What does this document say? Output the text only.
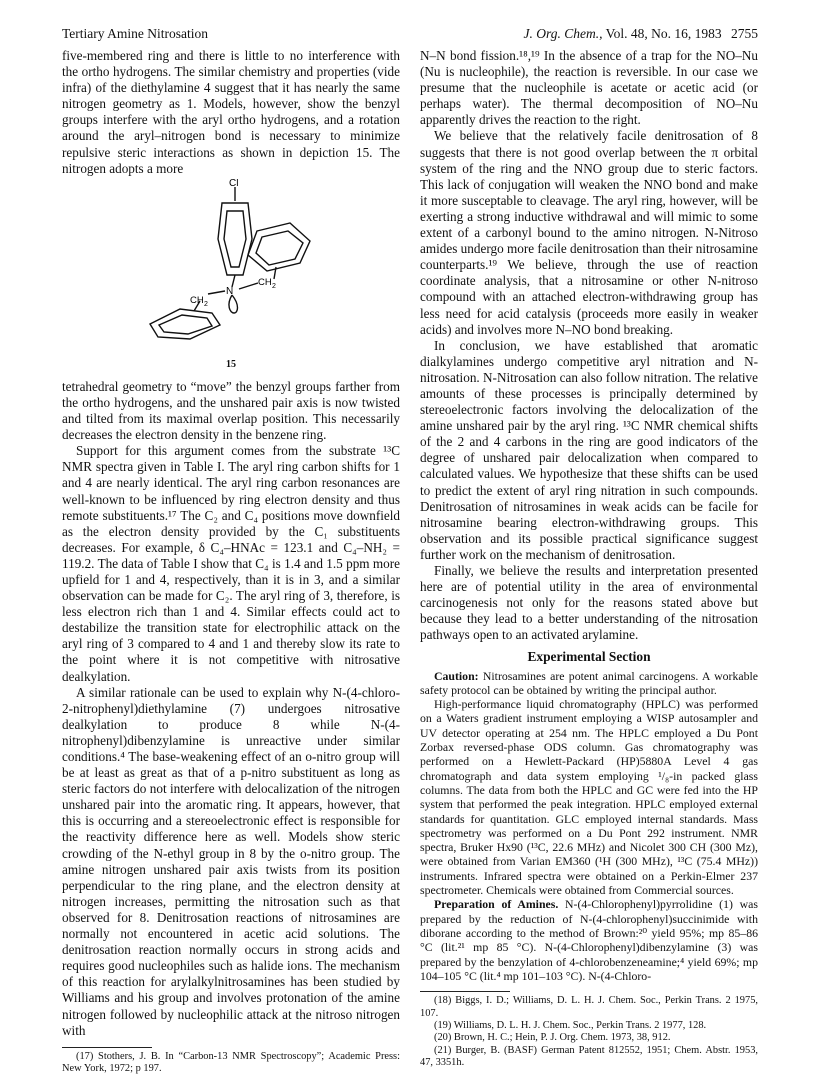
Tertiary Amine Nitrosation	J. Org. Chem., Vol. 48, No. 16, 1983 2755

five-membered ring and there is little to no interference with the ortho hydrogens. The similar chemistry and properties (vide infra) of the diethylamine 4 suggest that it has nearly the same nitrogen geometry as 1. Models, however, show the benzyl groups interfere with the aryl ortho hydrogens, and a rotation around the aryl–nitrogen bond is necessary to minimize repulsive steric interactions as shown in depiction 15. The nitrogen adopts a more

Cl
N
CH 2
CH 2
15

tetrahedral geometry to “move” the benzyl groups farther from the ortho hydrogens, and the unshared pair axis is now twisted and tilted from its maximal overlap position. This necessarily decreases the electron density in the benzene ring.

Support for this argument comes from the substrate ¹³C NMR spectra given in Table I. The aryl ring carbon shifts for 1 and 4 are nearly identical. The aryl ring carbon resonances are well-known to be influenced by ring electron density and thus remote substituents.¹⁷ The C₂ and C₄ positions move downfield as the electron density provided by the C₁ substituents decreases. For example, δ C₄–HNAc = 123.1 and C₄–NH₂ = 119.2. The data of Table I show that C₄ is 1.4 and 1.5 ppm more upfield for 1 and 4, respectively, than it is in 3, and a similar observation can be made for C₂. The aryl ring of 3, therefore, is less electron rich than 1 and 4. Similar effects could act to destabilize the transition state for electrophilic attack on the aryl ring of 3 compared to 4 and 1 and thereby slow its rate to the point where it is not competitive with nitrosative dealkylation.

A similar rationale can be used to explain why N-(4-chloro-2-nitrophenyl)diethylamine (7) undergoes nitrosative dealkylation to produce 8 while N-(4-nitrophenyl)dibenzylamine is unreactive under similar conditions.⁴ The base-weakening effect of an o-nitro group will be at least as great as that of a p-nitro substituent as long as steric factors do not interfere with delocalization of the nitrogen unshared pair into the aromatic ring. It appears, however, that this is occurring and a stereoelectronic effect is responsible for the reactivity difference here as well. Models show steric crowding of the N-ethyl group in 8 by the o-nitro group. The amine nitrogen unshared pair axis twists from its position perpendicular to the ring plane, and the electron density at nitrogen increases, permitting the nitrosation such as that observed for 8. Denitrosation reactions of nitrosamines are normally not encountered in acetic acid solutions. The denitrosation reaction normally occurs in strong acids and requires good nucleophiles such as halide ions. The mechanism of this reaction for arylalkylnitrosamines has been studied by Williams and his group and involves protonation of the amine nitrogen followed by nucleophilic attack at the nitroso nitrogen with

(17) Stothers, J. B. In “Carbon-13 NMR Spectroscopy”; Academic Press: New York, 1972; p 197.

N–N bond fission.¹⁸,¹⁹ In the absence of a trap for the NO–Nu (Nu is nucleophile), the reaction is reversible. In our case we presume that the nucleophile is acetate or acetic acid (or perhaps water). The thermal decomposition of NO–Nu apparently drives the reaction to the right.

We believe that the relatively facile denitrosation of 8 suggests that there is not good overlap between the π orbital system of the ring and the NNO group due to steric factors. This lack of conjugation will weaken the NNO bond and make it more susceptable to cleavage. The aryl ring, however, will be exerting a strong inductive withdrawal and will mimic to some extent of a carbonyl bound to the amino nitrogen. N-Nitroso amides undergo more facile denitrosation than their nitrosamine counterparts.¹⁹ We believe, through the use of reaction coordinate analysis, that a nitrosamine or other N-nitroso compound with an attached electron-withdrawing group has less need for acid catalysis (proceeds more easily in weaker acids) and involves more N–NO bond breaking.

In conclusion, we have established that aromatic dialkylamines undergo competitive aryl nitration and N-nitrosation. N-Nitrosation can also follow nitration. The relative amounts of these processes is principally determined by stereoelectronic factors involving the delocalization of the amine unshared pair by the aryl ring. ¹³C NMR chemical shifts of the 2 and 4 carbons in the ring are good indicators of the degree of unshared pair delocalization when compared to calculated values. We hypothesize that these shifts can be used to predict the extent of aryl ring nitration in such compounds. Denitrosation of nitrosamines in weak acids can be facile for nitrosamine bearing electron-withdrawing groups. This observation and its possible practical significance suggest further work on the mechanism of denitrosation.

Finally, we believe the results and interpretation presented here are of potential utility in the area of environmental carcinogenesis not only for the reasons stated above but because they lead to a better understanding of the nitrosation pathways open to an activated arylamine.

Experimental Section

Caution: Nitrosamines are potent animal carcinogens. A workable safety protocol can be obtained by writing the principal author.

High-performance liquid chromatography (HPLC) was performed on a Waters gradient instrument employing a WISP autosampler and UV detector operating at 254 nm. The HPLC employed a Du Pont Zorbax reversed-phase ODS column. Gas chromatography was performed on a Hewlett-Packard (HP)5880A Level 4 gas chromatograph and data system employing ¹/₈-in packed glass columns. The data from both the HPLC and GC were fed into the HP system that performed the peak integration. HPLC employed external standards for quantitation. GLC employed internal standards. Mass spectrometry was performed on a Du Pont 292 instrument. NMR spectra, Bruker Hx90 (¹³C, 22.6 MHz) and Nicolet 300 CH (300 Mz), were obtained from Varian EM360 (¹H (300 MHz), ¹³C (75.4 MHz)) instruments. Infrared spectra were obtained on a Perkin-Elmer 237 spectrometer. Chemicals were obtained from Commercial sources.

Preparation of Amines. N-(4-Chlorophenyl)pyrrolidine (1) was prepared by the reduction of N-(4-chlorophenyl)succinimide with diborane according to the method of Brown:²⁰ yield 95%; mp 85–86 °C (lit.²¹ mp 85 °C). N-(4-Chlorophenyl)dibenzylamine (3) was prepared by the benzylation of 4-chlorobenzeneamine;⁴ yield 69%; mp 104–105 °C (lit.⁴ mp 101–103 °C). N-(4-Chloro-

(18) Biggs, I. D.; Williams, D. L. H. J. Chem. Soc., Perkin Trans. 2 1975, 107.

(19) Williams, D. L. H. J. Chem. Soc., Perkin Trans. 2 1977, 128.

(20) Brown, H. C.; Hein, P. J. Org. Chem. 1973, 38, 912.

(21) Burger, B. (BASF) German Patent 812552, 1951; Chem. Abstr. 1953, 47, 3351h.
